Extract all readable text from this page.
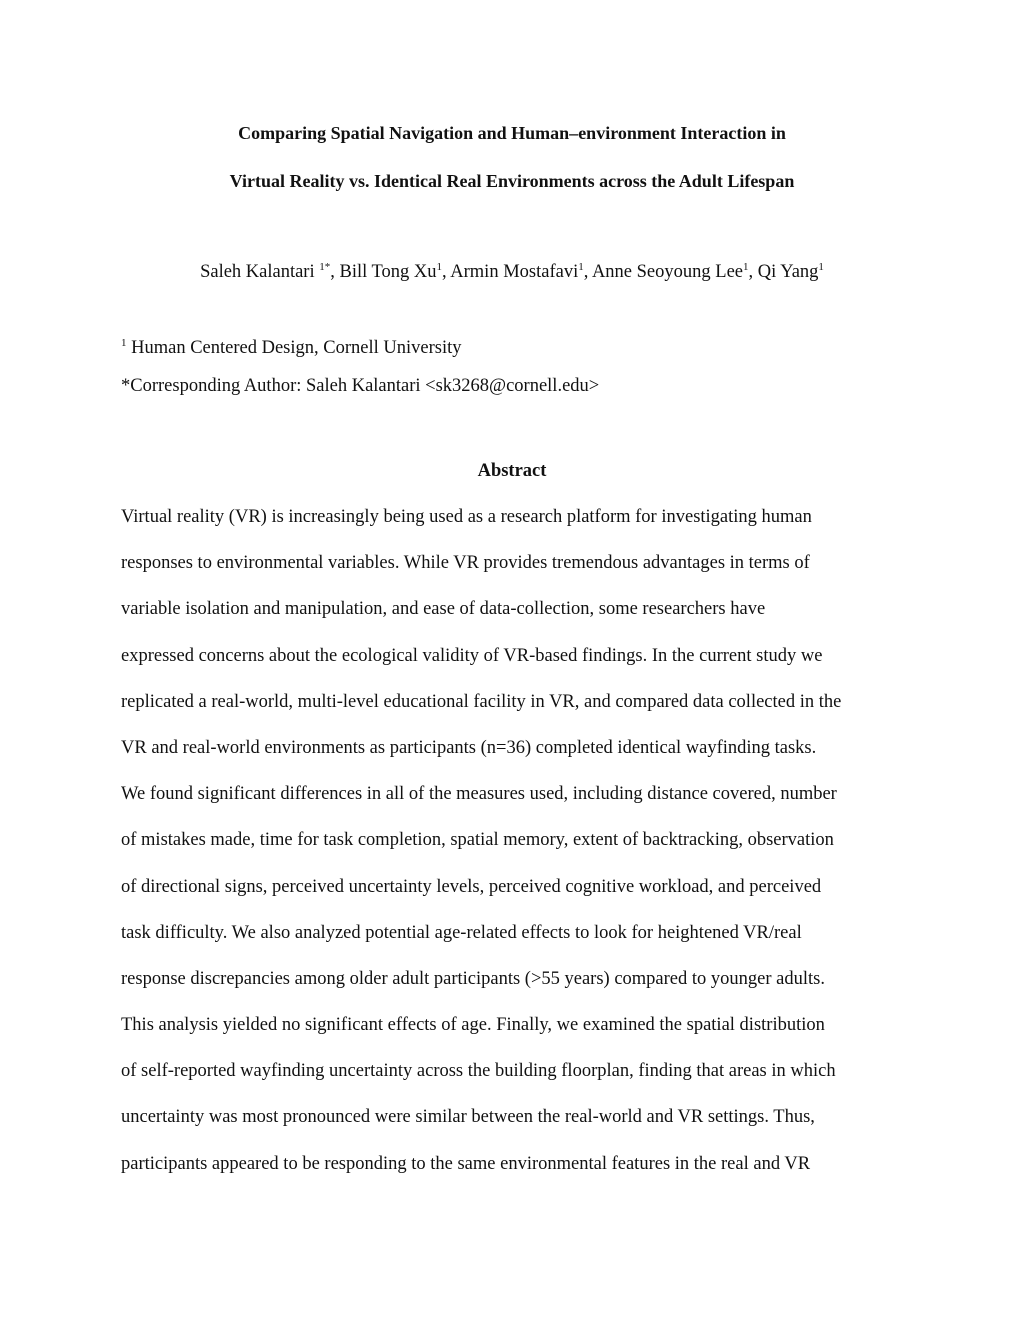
Comparing Spatial Navigation and Human–environment Interaction in
Virtual Reality vs. Identical Real Environments across the Adult Lifespan

Saleh Kalantari $^{1*}$, Bill Tong Xu$^1$, Armin Mostafavi$^1$, Anne Seoyoung Lee$^1$, Qi Yang$^1$

$^1$ Human Centered Design, Cornell University

*Corresponding Author: Saleh Kalantari <sk3268@cornell.edu>

Abstract
Virtual reality (VR) is increasingly being used as a research platform for investigating human
responses to environmental variables. While VR provides tremendous advantages in terms of
variable isolation and manipulation, and ease of data-collection, some researchers have
expressed concerns about the ecological validity of VR-based findings. In the current study we
replicated a real-world, multi-level educational facility in VR, and compared data collected in the
VR and real-world environments as participants (n=36) completed identical wayfinding tasks.
We found significant differences in all of the measures used, including distance covered, number
of mistakes made, time for task completion, spatial memory, extent of backtracking, observation
of directional signs, perceived uncertainty levels, perceived cognitive workload, and perceived
task difficulty. We also analyzed potential age-related effects to look for heightened VR/real
response discrepancies among older adult participants (>55 years) compared to younger adults.
This analysis yielded no significant effects of age. Finally, we examined the spatial distribution
of self-reported wayfinding uncertainty across the building floorplan, finding that areas in which
uncertainty was most pronounced were similar between the real-world and VR settings. Thus,
participants appeared to be responding to the same environmental features in the real and VR
